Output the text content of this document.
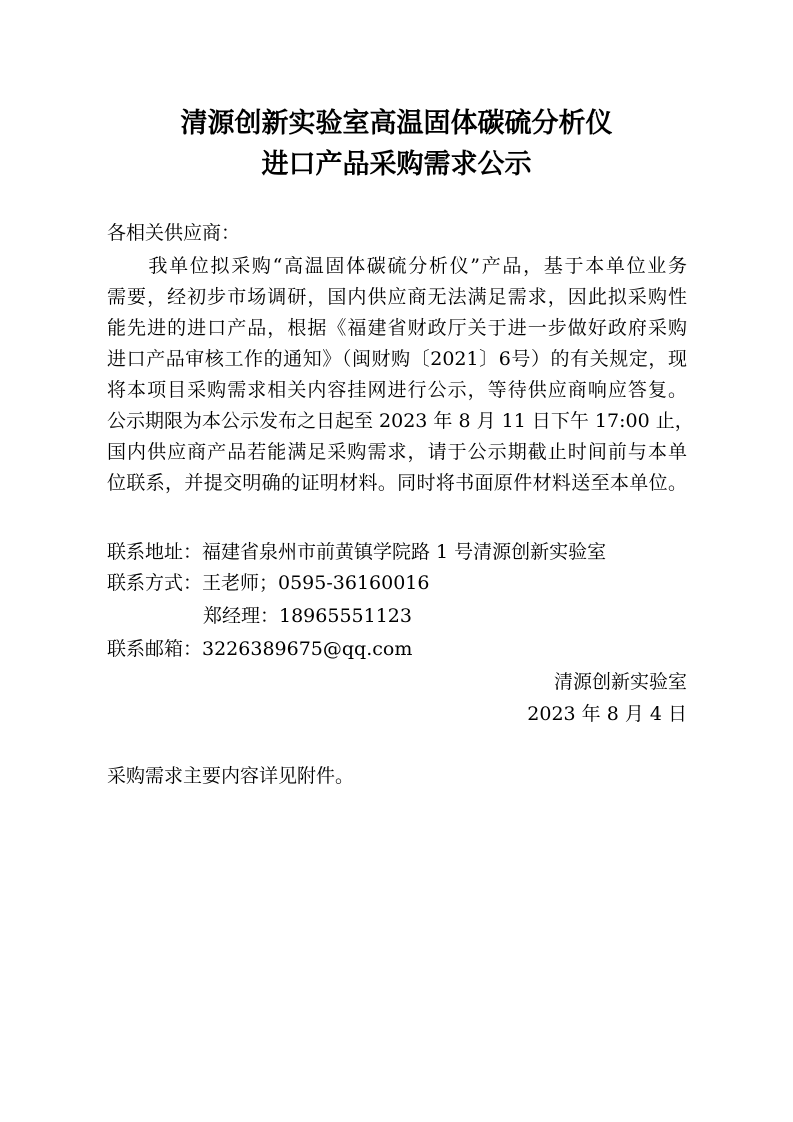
清源创新实验室高温固体碳硫分析仪
进口产品采购需求公示
各相关供应商：
　　我单位拟采购“高温固体碳硫分析仪”产品，基于本单位业务
需要，经初步市场调研，国内供应商无法满足需求，因此拟采购性
能先进的进口产品，根据《福建省财政厅关于进一步做好政府采购
进口产品审核工作的通知》（闽财购〔2021〕6号）的有关规定，现
将本项目采购需求相关内容挂网进行公示，等待供应商响应答复。
公示期限为本公示发布之日起至 2023 年 8 月 11 日下午 17:00 止，
国内供应商产品若能满足采购需求，请于公示期截止时间前与本单
位联系，并提交明确的证明材料。同时将书面原件材料送至本单位。
联系地址：福建省泉州市前黄镇学院路 1 号清源创新实验室
联系方式：王老师；0595-36160016
郑经理：18965551123
联系邮箱：3226389675@qq.com
清源创新实验室
2023 年 8 月 4 日
采购需求主要内容详见附件。
